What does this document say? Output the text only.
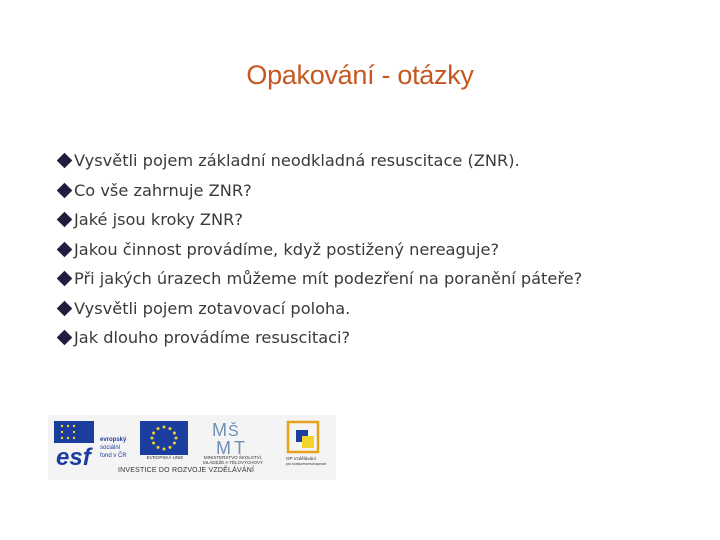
Opakování - otázky
Vysvětli pojem základní neodkladná resuscitace (ZNR).
Co vše zahrnuje ZNR?
Jaké jsou kroky ZNR?
Jakou činnost provádíme, když postižený nereaguje?
Při jakých úrazech můžeme mít podezření na poranění páteře?
Vysvětli pojem zotavovací poloha.
Jak dlouho provádíme resuscitaci?
esf
evropský
sociální
fond v ČR	EVROPSKÁ UNIE
M Š
M T
MINISTERSTVO ŠKOLSTVÍ, MLÁDEŽE A TĚLOVÝCHOVY
OP Vzdělávání
pro konkurenceschopnost
INVESTICE DO ROZVOJE VZDĚLÁVÁNÍ
